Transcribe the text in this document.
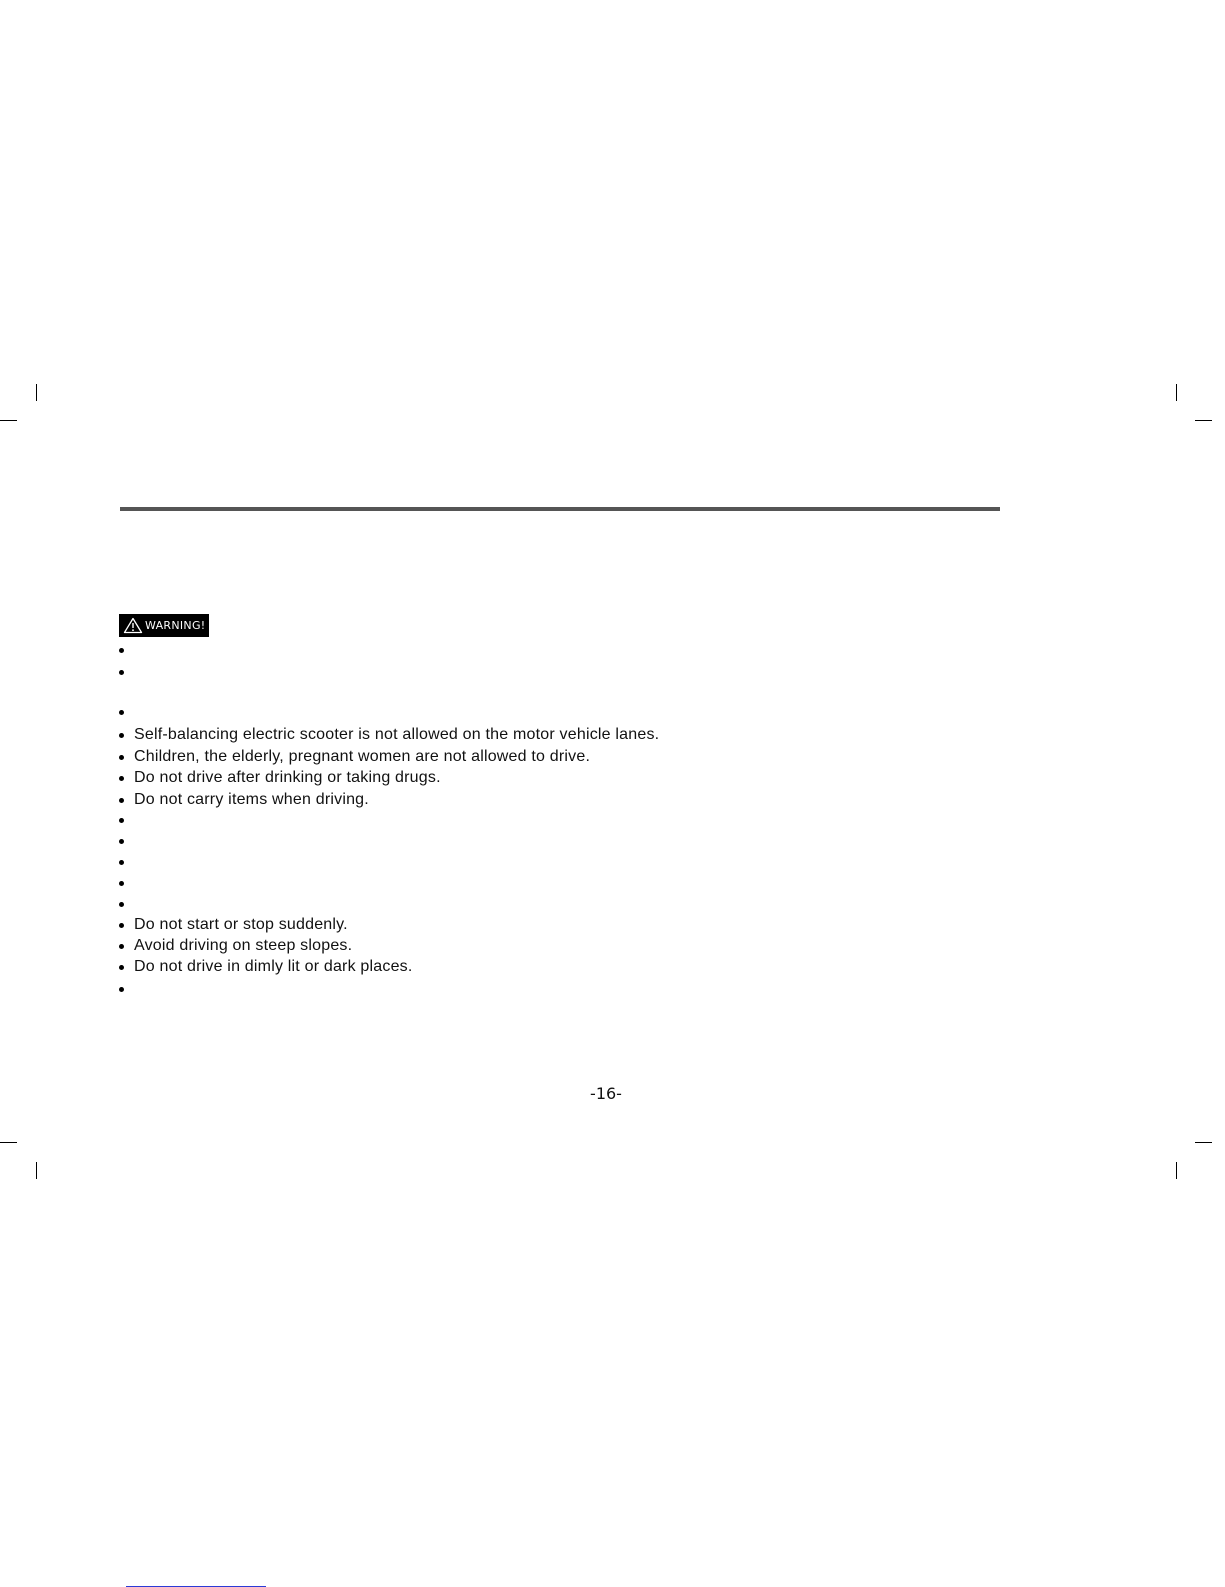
WARNING!
Self-balancing electric scooter is not allowed on the motor vehicle lanes.
Children, the elderly, pregnant women are not allowed to drive.
Do not drive after drinking or taking drugs.
Do not carry items when driving.
Do not start or stop suddenly.
Avoid driving on steep slopes.
Do not drive in dimly lit or dark places.
-16-
